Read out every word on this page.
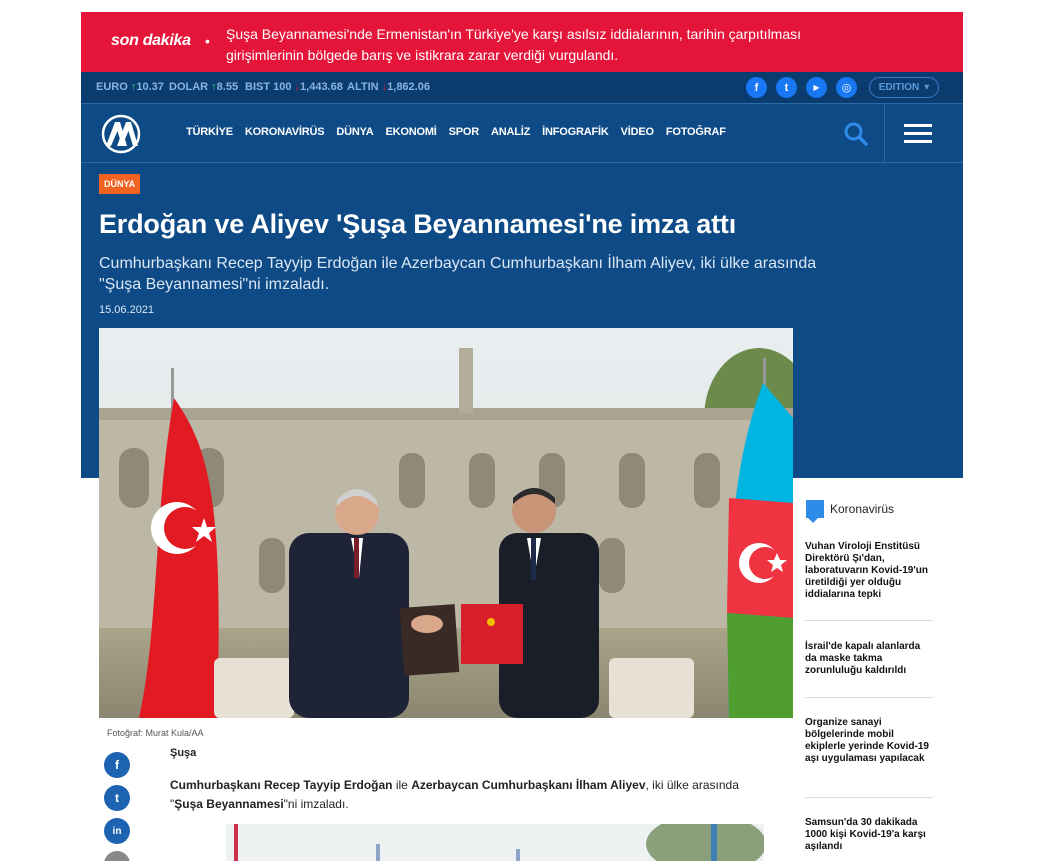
son dakika • Şuşa Beyannamesi'nde Ermenistan'ın Türkiye'ye karşı asılsız iddialarının, tarihin çarpıtılması girişimlerinin bölgede barış ve istikrara zarar verdiği vurgulandı.
EURO ↑10.37 DOLAR ↑8.55 BIST 100 ↓1,443.68 ALTIN ↓1,862.06	f	t	▶	◎	EDITION ▾
TÜRKİYE KORONAVİRÜS DÜNYA EKONOMİ SPOR ANALİZ İNFOGRAFİK VİDEO FOTOĞRAF
DÜNYA
Erdoğan ve Aliyev 'Şuşa Beyannamesi'ne imza attı

Cumhurbaşkanı Recep Tayyip Erdoğan ile Azerbaycan Cumhurbaşkanı İlham Aliyev, iki ülke arasında "Şuşa Beyannamesi"ni imzaladı.

15.06.2021
Fotoğraf: Murat Kula/AA
f
t
in
Şuşa

Cumhurbaşkanı Recep Tayyip Erdoğan ile Azerbaycan Cumhurbaşkanı İlham Aliyev, iki ülke arasında "Şuşa Beyannamesi"ni imzaladı.

Koronavirüs
Vuhan Viroloji Enstitüsü Direktörü Şı'dan, laboratuvarın Kovid-19'un üretildiği yer olduğu iddialarına tepki
İsrail'de kapalı alanlarda da maske takma zorunluluğu kaldırıldı
Organize sanayi bölgelerinde mobil ekiplerle yerinde Kovid-19 aşı uygulaması yapılacak
Samsun'da 30 dakikada 1000 kişi Kovid-19'a karşı aşılandı
